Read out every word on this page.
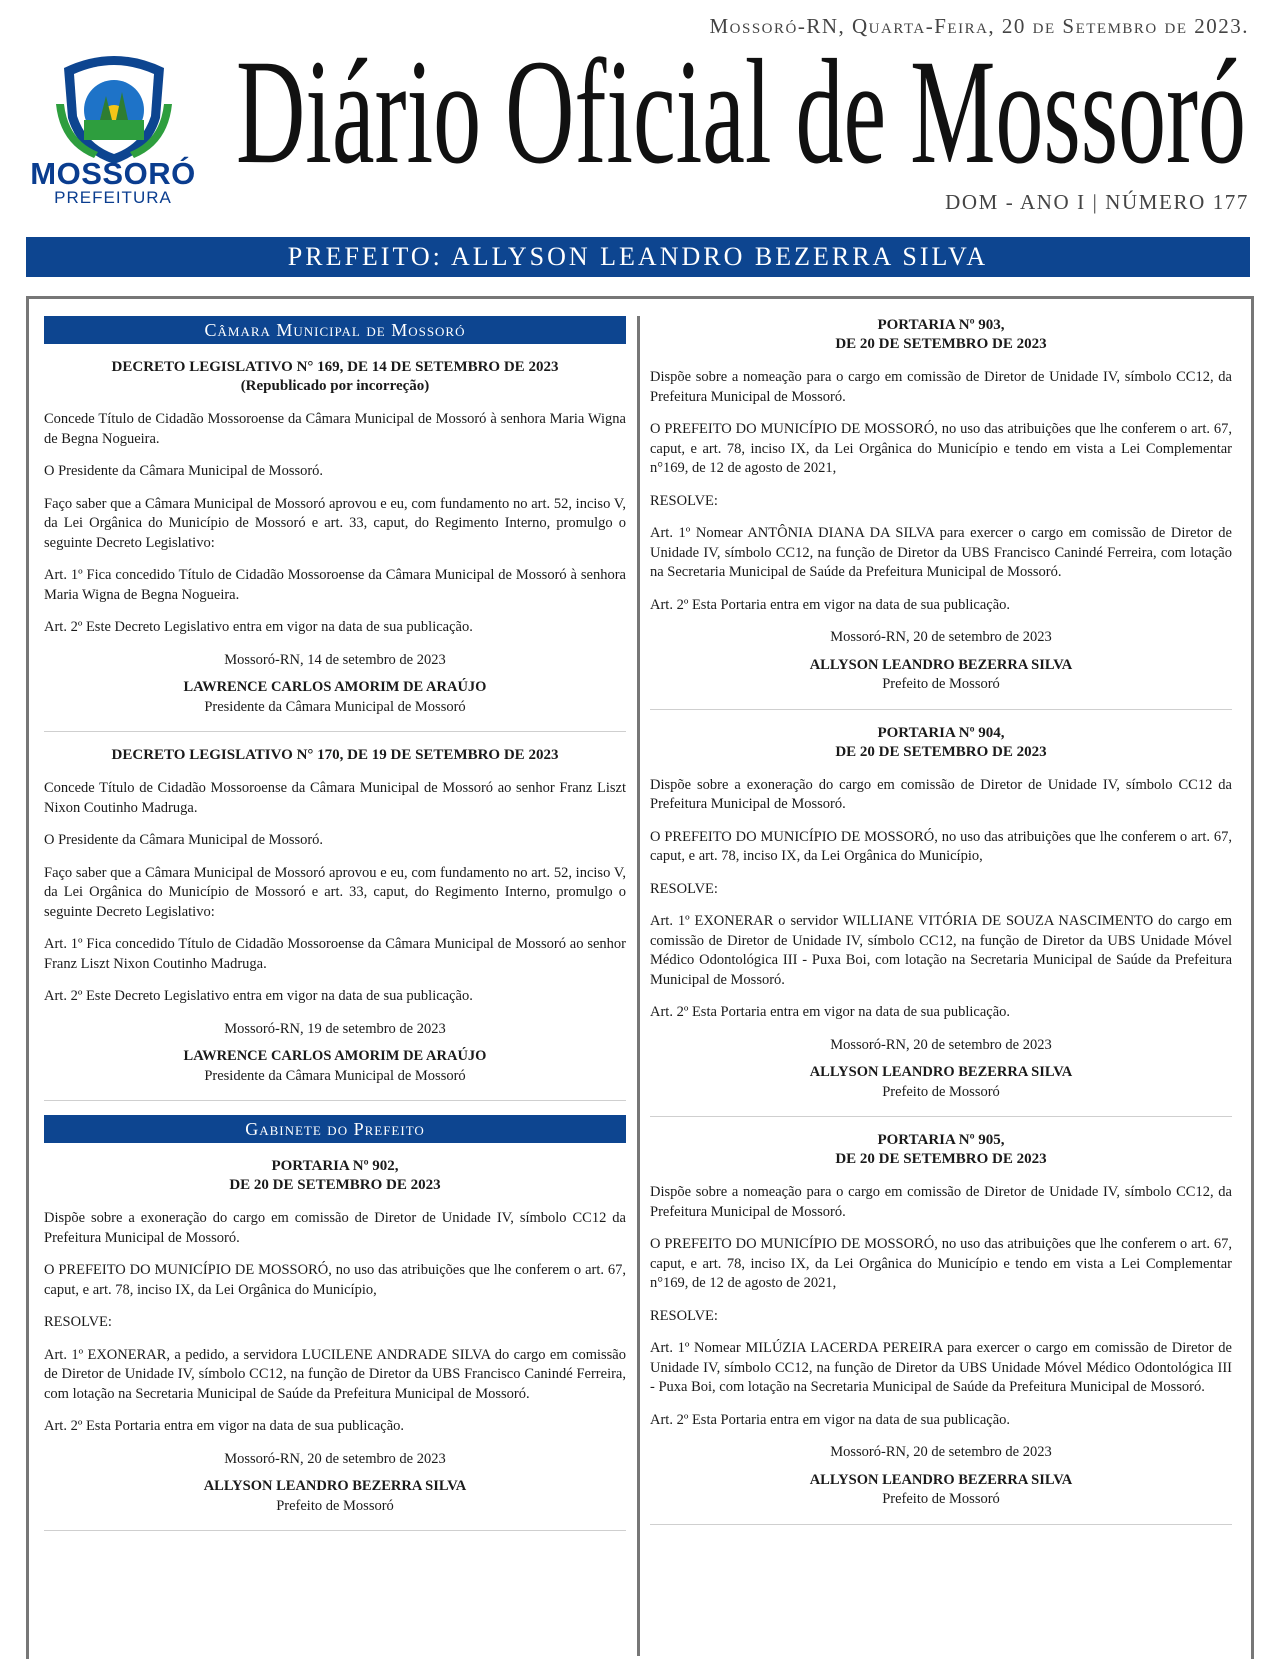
Mossoró-RN, Quarta-Feira, 20 de Setembro de 2023.
MOSSORÓ
PREFEITURA
Diário Oficial de Mossoró
DOM - ANO I | NÚMERO 177
PREFEITO: ALLYSON LEANDRO BEZERRA SILVA
Câmara Municipal de Mossoró
DECRETO LEGISLATIVO N° 169, DE 14 DE SETEMBRO DE 2023
(Republicado por incorreção)

Concede Título de Cidadão Mossoroense da Câmara Municipal de Mossoró à senhora Maria Wigna de Begna Nogueira.

O Presidente da Câmara Municipal de Mossoró.

Faço saber que a Câmara Municipal de Mossoró aprovou e eu, com fundamento no art. 52, inciso V, da Lei Orgânica do Município de Mossoró e art. 33, caput, do Regimento Interno, promulgo o seguinte Decreto Legislativo:

Art. 1º Fica concedido Título de Cidadão Mossoroense da Câmara Municipal de Mossoró à senhora Maria Wigna de Begna Nogueira.

Art. 2º Este Decreto Legislativo entra em vigor na data de sua publicação.

Mossoró-RN, 14 de setembro de 2023

LAWRENCE CARLOS AMORIM DE ARAÚJO

Presidente da Câmara Municipal de Mossoró

DECRETO LEGISLATIVO N° 170, DE 19 DE SETEMBRO DE 2023

Concede Título de Cidadão Mossoroense da Câmara Municipal de Mossoró ao senhor Franz Liszt Nixon Coutinho Madruga.

O Presidente da Câmara Municipal de Mossoró.

Faço saber que a Câmara Municipal de Mossoró aprovou e eu, com fundamento no art. 52, inciso V, da Lei Orgânica do Município de Mossoró e art. 33, caput, do Regimento Interno, promulgo o seguinte Decreto Legislativo:

Art. 1º Fica concedido Título de Cidadão Mossoroense da Câmara Municipal de Mossoró ao senhor Franz Liszt Nixon Coutinho Madruga.

Art. 2º Este Decreto Legislativo entra em vigor na data de sua publicação.

Mossoró-RN, 19 de setembro de 2023

LAWRENCE CARLOS AMORIM DE ARAÚJO

Presidente da Câmara Municipal de Mossoró

Gabinete do Prefeito
PORTARIA Nº 902,
DE 20 DE SETEMBRO DE 2023

Dispõe sobre a exoneração do cargo em comissão de Diretor de Unidade IV, símbolo CC12 da Prefeitura Municipal de Mossoró.

O PREFEITO DO MUNICÍPIO DE MOSSORÓ, no uso das atribuições que lhe conferem o art. 67, caput, e art. 78, inciso IX, da Lei Orgânica do Município,

RESOLVE:

Art. 1º EXONERAR, a pedido, a servidora LUCILENE ANDRADE SILVA do cargo em comissão de Diretor de Unidade IV, símbolo CC12, na função de Diretor da UBS Francisco Canindé Ferreira, com lotação na Secretaria Municipal de Saúde da Prefeitura Municipal de Mossoró.

Art. 2º Esta Portaria entra em vigor na data de sua publicação.

Mossoró-RN, 20 de setembro de 2023

ALLYSON LEANDRO BEZERRA SILVA

Prefeito de Mossoró

PORTARIA Nº 903,
DE 20 DE SETEMBRO DE 2023

Dispõe sobre a nomeação para o cargo em comissão de Diretor de Unidade IV, símbolo CC12, da Prefeitura Municipal de Mossoró.

O PREFEITO DO MUNICÍPIO DE MOSSORÓ, no uso das atribuições que lhe conferem o art. 67, caput, e art. 78, inciso IX, da Lei Orgânica do Município e tendo em vista a Lei Complementar n°169, de 12 de agosto de 2021,

RESOLVE:

Art. 1º Nomear ANTÔNIA DIANA DA SILVA para exercer o cargo em comissão de Diretor de Unidade IV, símbolo CC12, na função de Diretor da UBS Francisco Canindé Ferreira, com lotação na Secretaria Municipal de Saúde da Prefeitura Municipal de Mossoró.

Art. 2º Esta Portaria entra em vigor na data de sua publicação.

Mossoró-RN, 20 de setembro de 2023

ALLYSON LEANDRO BEZERRA SILVA

Prefeito de Mossoró

PORTARIA Nº 904,
DE 20 DE SETEMBRO DE 2023

Dispõe sobre a exoneração do cargo em comissão de Diretor de Unidade IV, símbolo CC12 da Prefeitura Municipal de Mossoró.

O PREFEITO DO MUNICÍPIO DE MOSSORÓ, no uso das atribuições que lhe conferem o art. 67, caput, e art. 78, inciso IX, da Lei Orgânica do Município,

RESOLVE:

Art. 1º EXONERAR o servidor WILLIANE VITÓRIA DE SOUZA NASCIMENTO do cargo em comissão de Diretor de Unidade IV, símbolo CC12, na função de Diretor da UBS Unidade Móvel Médico Odontológica III - Puxa Boi, com lotação na Secretaria Municipal de Saúde da Prefeitura Municipal de Mossoró.

Art. 2º Esta Portaria entra em vigor na data de sua publicação.

Mossoró-RN, 20 de setembro de 2023

ALLYSON LEANDRO BEZERRA SILVA

Prefeito de Mossoró

PORTARIA Nº 905,
DE 20 DE SETEMBRO DE 2023

Dispõe sobre a nomeação para o cargo em comissão de Diretor de Unidade IV, símbolo CC12, da Prefeitura Municipal de Mossoró.

O PREFEITO DO MUNICÍPIO DE MOSSORÓ, no uso das atribuições que lhe conferem o art. 67, caput, e art. 78, inciso IX, da Lei Orgânica do Município e tendo em vista a Lei Complementar n°169, de 12 de agosto de 2021,

RESOLVE:

Art. 1º Nomear MILÚZIA LACERDA PEREIRA para exercer o cargo em comissão de Diretor de Unidade IV, símbolo CC12, na função de Diretor da UBS Unidade Móvel Médico Odontológica III - Puxa Boi, com lotação na Secretaria Municipal de Saúde da Prefeitura Municipal de Mossoró.

Art. 2º Esta Portaria entra em vigor na data de sua publicação.

Mossoró-RN, 20 de setembro de 2023

ALLYSON LEANDRO BEZERRA SILVA

Prefeito de Mossoró
